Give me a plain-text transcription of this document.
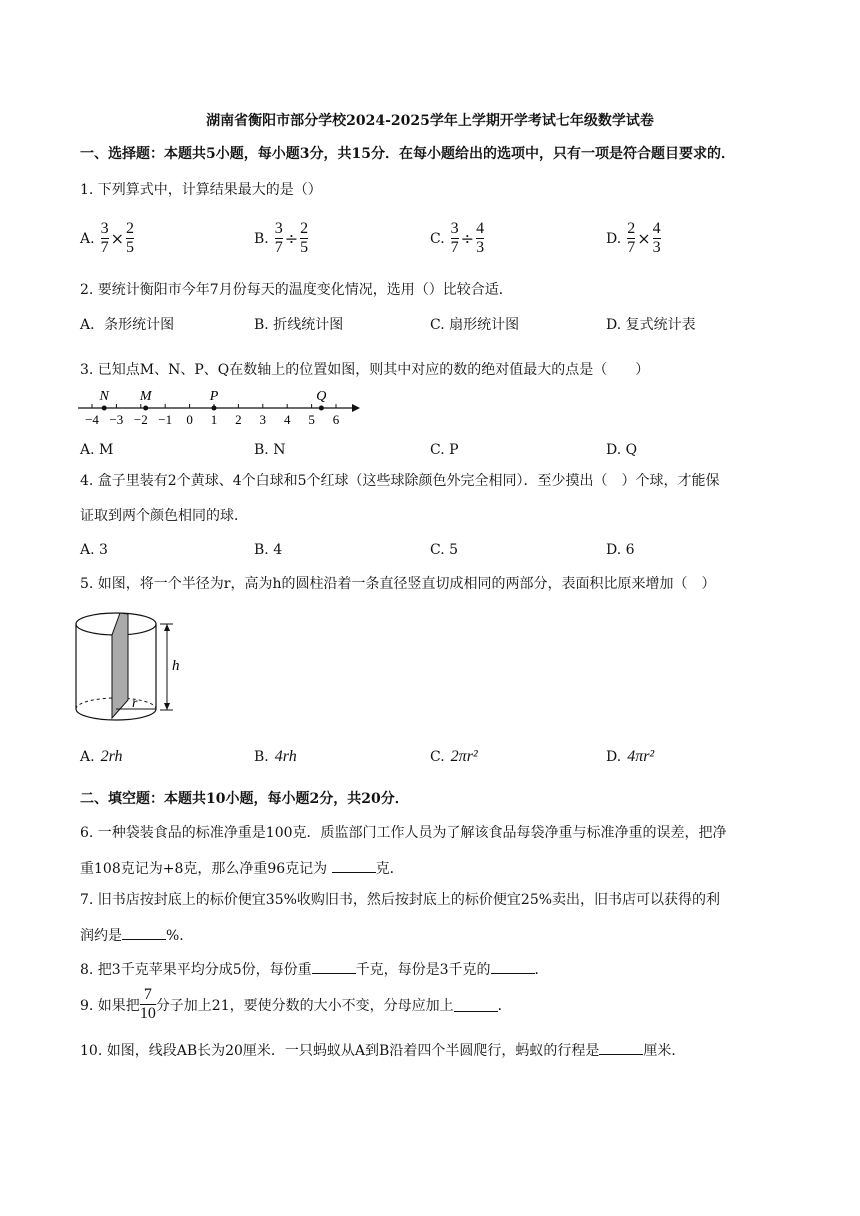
湖南省衡阳市部分学校2024-2025学年上学期开学考试七年级数学试卷
一、选择题：本题共5小题，每小题3分，共15分．在每小题给出的选项中，只有一项是符合题目要求的．
1. 下列算式中，计算结果最大的是（）
A. $\frac{3}{7} \times \frac{2}{5}$	B. $\frac{3}{7} \div \frac{2}{5}$	C. $\frac{3}{7} \div \frac{4}{3}$	D. $\frac{2}{7} \times \frac{4}{3}$
2. 要统计衡阳市今年7月份每天的温度变化情况，选用（）比较合适．
A．条形统计图	B. 折线统计图	C. 扇形统计图	D. 复式统计表
3. 已知点M、N、P、Q在数轴上的位置如图，则其中对应的数的绝对值最大的点是（　　）
−4 −3 −2 −1 0 1 2 3 4 5 6
N M	P	Q
A. M	B. N	C. P	D. Q
4. 盒子里装有2个黄球、4个白球和5个红球（这些球除颜色外完全相同）．至少摸出（　）个球，才能保
证取到两个颜色相同的球．
A. 3	B. 4	C. 5	D. 6
5. 如图，将一个半径为r，高为h的圆柱沿着一条直径竖直切成相同的两部分，表面积比原来增加（　）
h
r
A. 2rh	B. 4rh	C. 2πr²	D. 4πr²
二、填空题：本题共10小题，每小题2分，共20分．
6. 一种袋装食品的标准净重是100克．质监部门工作人员为了解该食品每袋净重与标准净重的误差，把净
重108克记为+8克，那么净重96克记为	克．
7. 旧书店按封底上的标价便宜35%收购旧书，然后按封底上的标价便宜25%卖出，旧书店可以获得的利
润约是	%.
8. 把3千克苹果平均分成5份，每份重	千克，每份是3千克的	．
9. 如果把 $\frac{7}{10}$ 分子加上21，要使分数的大小不变，分母应加上	．
10. 如图，线段AB长为20厘米．一只蚂蚁从A到B沿着四个半圆爬行，蚂蚁的行程是	厘米．
